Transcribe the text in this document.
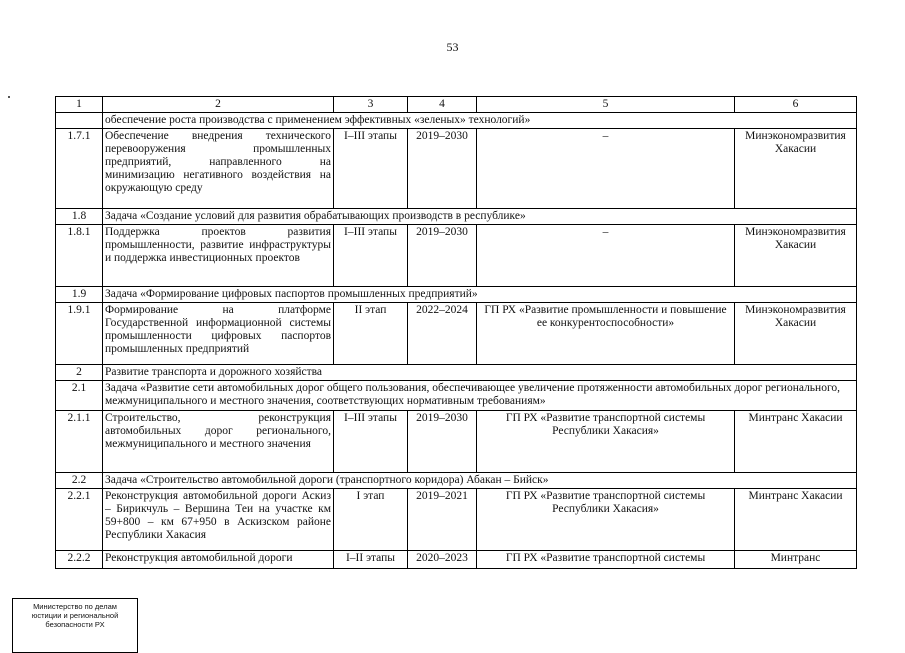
53
1	2	3	4	5	6
	обеспечение роста производства с применением эффективных «зеленых» технологий»				
1.7.1	Обеспечение внедрения технического перевооружения промышленных предприятий, направленного на минимизацию негативного воздействия на окружающую среду	I–III этапы	2019–2030	–	Минэкономразвития Хакасии
1.8	Задача «Создание условий для развития обрабатывающих производств в республике»				
1.8.1	Поддержка проектов развития промышленности, развитие инфраструктуры и поддержка инвестиционных проектов	I–III этапы	2019–2030	–	Минэкономразвития Хакасии
1.9	Задача «Формирование цифровых паспортов промышленных предприятий»				
1.9.1	Формирование на платформе Государственной информационной системы промышленности цифровых паспортов промышленных предприятий	II этап	2022–2024	ГП РХ «Развитие промышленности и повышение ее конкурентоспособности»	Минэкономразвития Хакасии
2	Развитие транспорта и дорожного хозяйства				
2.1	Задача «Развитие сети автомобильных дорог общего пользования, обеспечивающее увеличение протяженности автомобильных дорог регионального, межмуниципального и местного значения, соответствующих нормативным требованиям»				
2.1.1	Строительство, реконструкция автомобильных дорог регионального, межмуниципального и местного значения	I–III этапы	2019–2030	ГП РХ «Развитие транспортной системы Республики Хакасия»	Минтранс Хакасии
2.2	Задача «Строительство автомобильной дороги (транспортного коридора) Абакан – Бийск»				
2.2.1	Реконструкция автомобильной дороги Аскиз – Бирикчуль – Вершина Теи на участке км 59+800 – км 67+950 в Аскизском районе Республики Хакасия	I этап	2019–2021	ГП РХ «Развитие транспортной системы Республики Хакасия»	Минтранс Хакасии
2.2.2	Реконструкция автомобильной дороги	I–II этапы	2020–2023	ГП РХ «Развитие транспортной системы	Минтранс
Министерство по делам
юстиции и региональной
безопасности РХ
